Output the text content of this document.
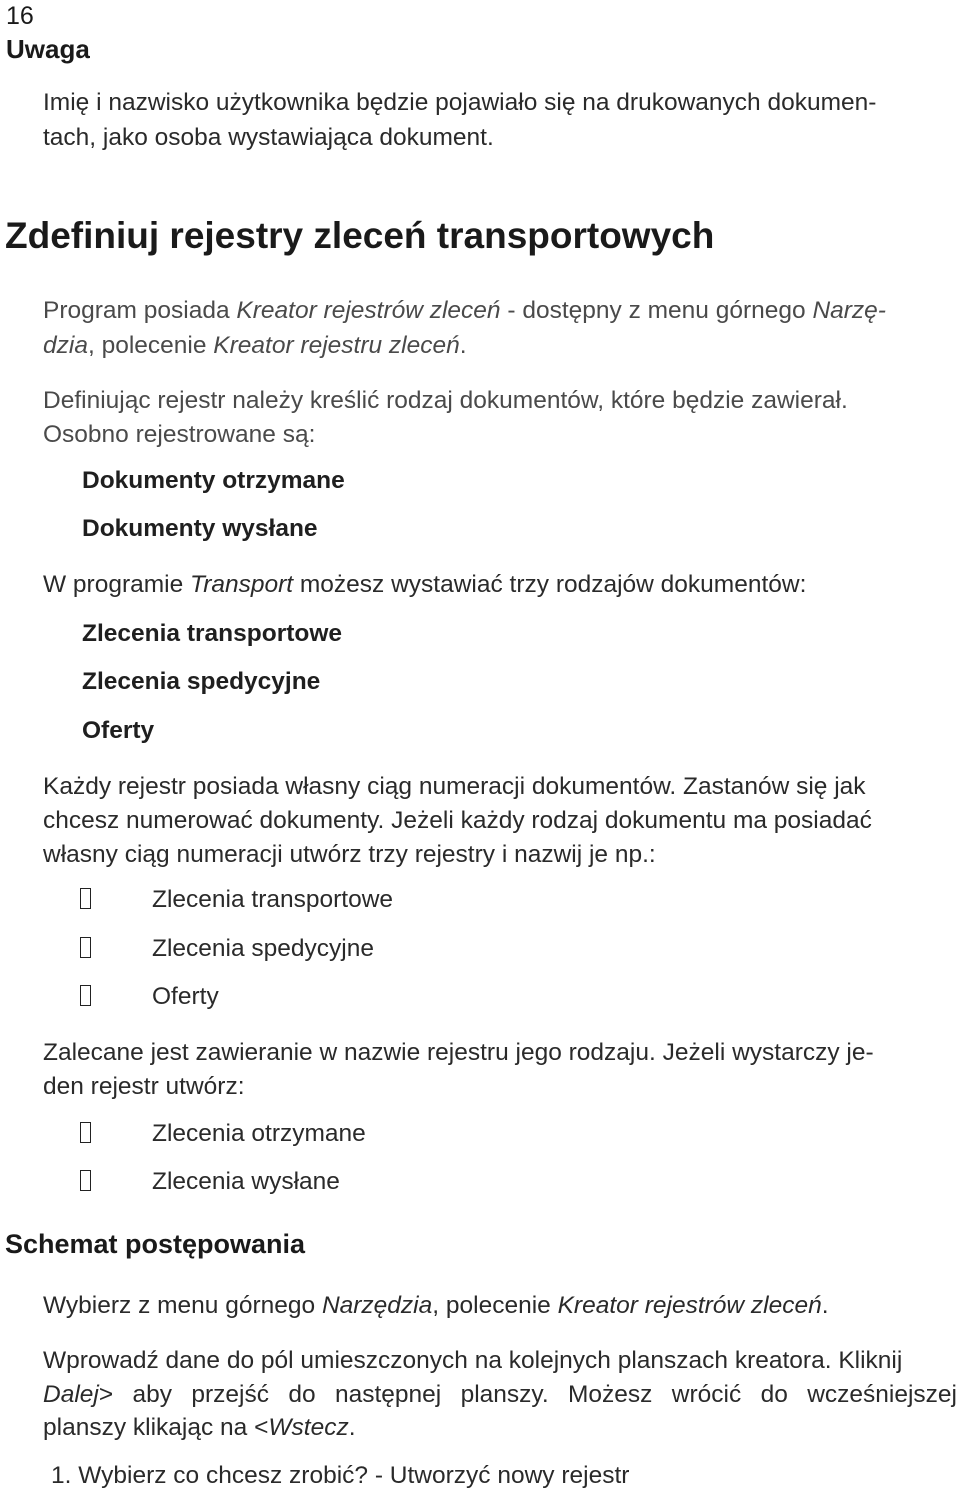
16
Uwaga
Imię i nazwisko użytkownika będzie pojawiało się na drukowanych dokumen-
tach, jako osoba wystawiająca dokument.
Zdefiniuj rejestry zleceń transportowych
Program posiada Kreator rejestrów zleceń - dostępny z menu górnego Narzę-
dzia, polecenie Kreator rejestru zleceń.
Definiując rejestr należy kreślić rodzaj dokumentów, które będzie zawierał.
Osobno rejestrowane są:
Dokumenty otrzymane
Dokumenty wysłane
W programie Transport możesz wystawiać trzy rodzajów dokumentów:
Zlecenia transportowe
Zlecenia spedycyjne
Oferty
Każdy rejestr posiada własny ciąg numeracji dokumentów. Zastanów się jak
chcesz numerować dokumenty. Jeżeli każdy rodzaj dokumentu ma posiadać
własny ciąg numeracji utwórz trzy rejestry i nazwij je np.:
Zlecenia transportowe
Zlecenia spedycyjne
Oferty
Zalecane jest zawieranie w nazwie rejestru jego rodzaju. Jeżeli wystarczy je-
den rejestr utwórz:
Zlecenia otrzymane
Zlecenia wysłane
Schemat postępowania
Wybierz z menu górnego Narzędzia, polecenie Kreator rejestrów zleceń.
Wprowadź dane do pól umieszczonych na kolejnych planszach kreatora. Kliknij
Dalej> aby przejść do następnej planszy. Możesz wrócić do wcześniejszej
planszy klikając na <Wstecz.
1. Wybierz co chcesz zrobić? - Utworzyć nowy rejestr
